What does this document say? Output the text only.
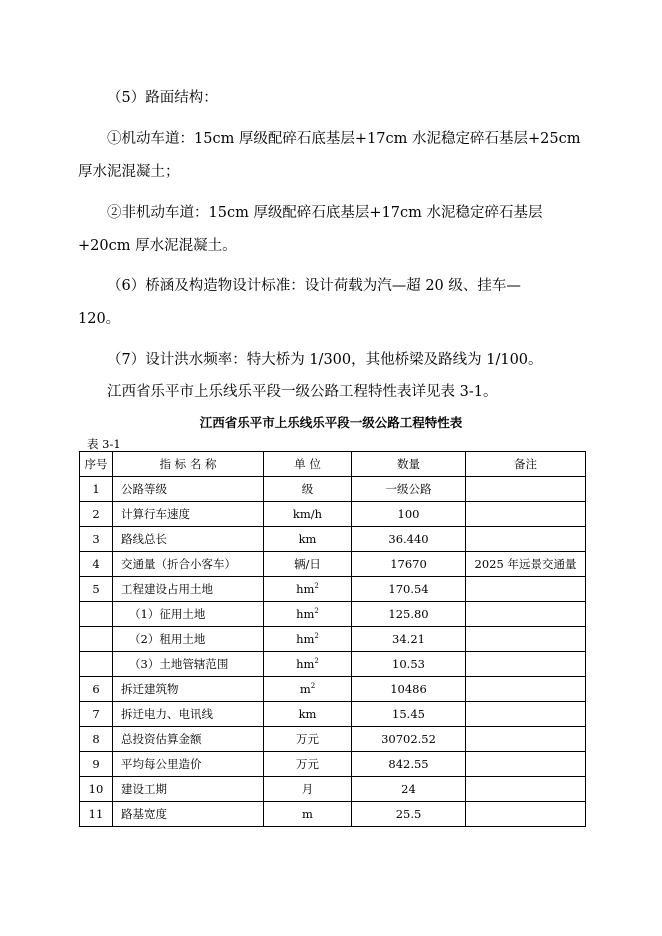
（5）路面结构：

①机动车道：15cm 厚级配碎石底基层+17cm 水泥稳定碎石基层+25cm

厚水泥混凝土；

②非机动车道：15cm 厚级配碎石底基层+17cm 水泥稳定碎石基层

+20cm 厚水泥混凝土。

（6）桥涵及构造物设计标准：设计荷载为汽—超 20 级、挂车—

120。

（7）设计洪水频率：特大桥为 1/300，其他桥梁及路线为 1/100。

江西省乐平市上乐线乐平段一级公路工程特性表详见表 3-1。

江西省乐平市上乐线乐平段一级公路工程特性表
表 3-1
序号	指 标 名 称	单 位	数量	备注
1	公路等级	级	一级公路	
2	计算行车速度	km/h	100	
3	路线总长	km	36.440	
4	交通量（折合小客车）	辆/日	17670	2025 年远景交通量
5	工程建设占用土地	$hm^2$	170.54	
	（1）征用土地	$hm^2$	125.80	
	（2）租用土地	$hm^2$	34.21	
	（3）土地管辖范围	$hm^2$	10.53	
6	拆迁建筑物	$m^2$	10486	
7	拆迁电力、电讯线	km	15.45	
8	总投资估算金额	万元	30702.52	
9	平均每公里造价	万元	842.55	
10	建设工期	月	24	
11	路基宽度	m	25.5	
